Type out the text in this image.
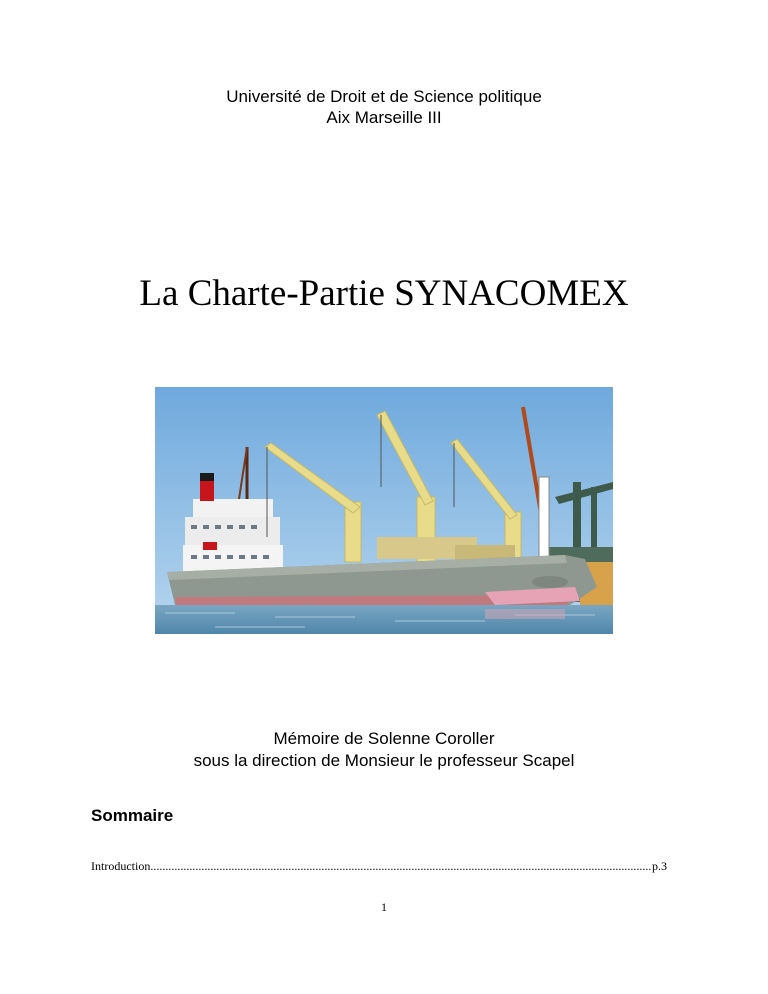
Université de Droit et de Science politique
Aix Marseille III
La Charte-Partie SYNACOMEX
Mémoire de Solenne Coroller
sous la direction de Monsieur le professeur Scapel
Sommaire
Introduction
.....	p.3
1
